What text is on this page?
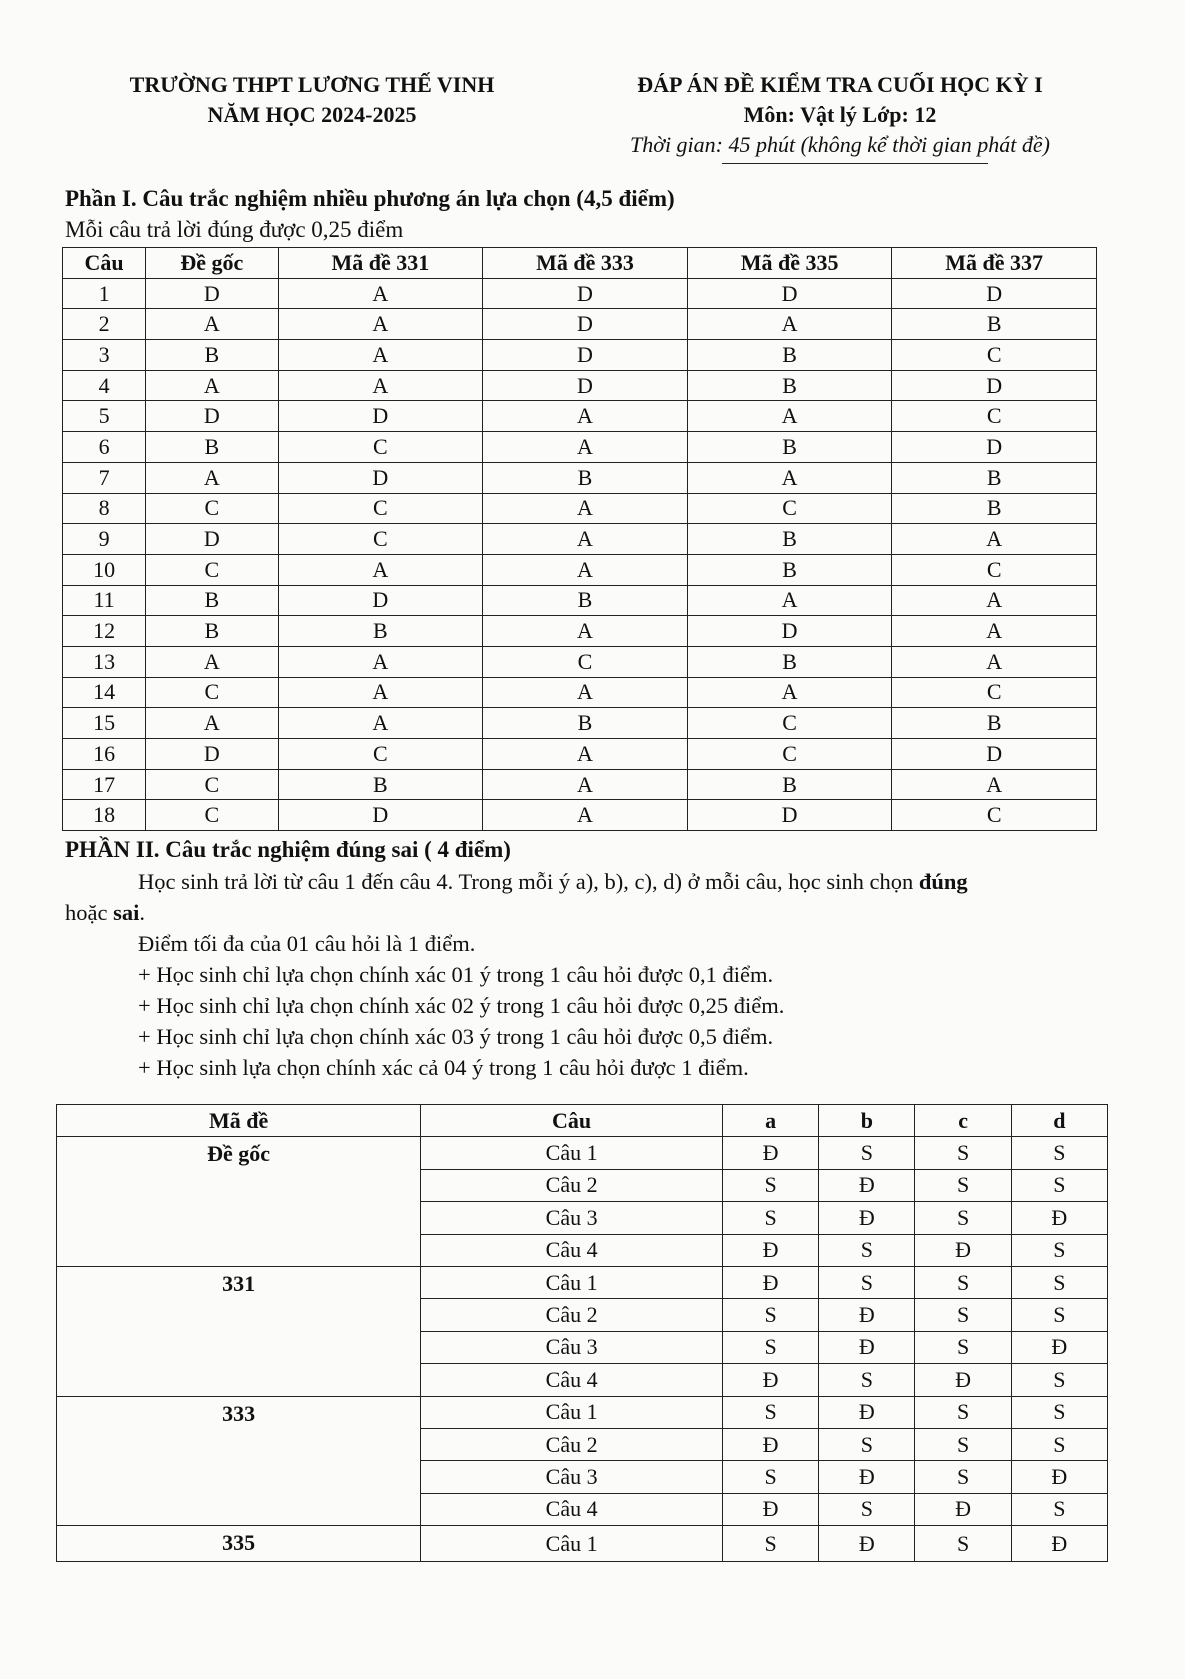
TRƯỜNG THPT LƯƠNG THẾ VINH
NĂM HỌC 2024-2025
ĐÁP ÁN ĐỀ KIỂM TRA CUỐI HỌC KỲ I
Môn: Vật lý Lớp: 12
Thời gian: 45 phút (không kể thời gian phát đề)
Phần I. Câu trắc nghiệm nhiều phương án lựa chọn (4,5 điểm)
Mỗi câu trả lời đúng được 0,25 điểm
Câu	Đề gốc	Mã đề 331	Mã đề 333	Mã đề 335	Mã đề 337
1	D	A	D	D	D
2	A	A	D	A	B
3	B	A	D	B	C
4	A	A	D	B	D
5	D	D	A	A	C
6	B	C	A	B	D
7	A	D	B	A	B
8	C	C	A	C	B
9	D	C	A	B	A
10	C	A	A	B	C
11	B	D	B	A	A
12	B	B	A	D	A
13	A	A	C	B	A
14	C	A	A	A	C
15	A	A	B	C	B
16	D	C	A	C	D
17	C	B	A	B	A
18	C	D	A	D	C
PHẦN II. Câu trắc nghiệm đúng sai ( 4 điểm)

Học sinh trả lời từ câu 1 đến câu 4. Trong mỗi ý a), b), c), d) ở mỗi câu, học sinh chọn đúng

hoặc sai.

Điểm tối đa của 01 câu hỏi là 1 điểm.

+ Học sinh chỉ lựa chọn chính xác 01 ý trong 1 câu hỏi được 0,1 điểm.

+ Học sinh chỉ lựa chọn chính xác 02 ý trong 1 câu hỏi được 0,25 điểm.

+ Học sinh chỉ lựa chọn chính xác 03 ý trong 1 câu hỏi được 0,5 điểm.

+ Học sinh lựa chọn chính xác cả 04 ý trong 1 câu hỏi được 1 điểm.

Mã đề	Câu	a	b	c	d
Đề gốc	Câu 1	Đ	S	S	S
	Câu 2	S	Đ	S	S
	Câu 3	S	Đ	S	Đ
	Câu 4	Đ	S	Đ	S
331	Câu 1	Đ	S	S	S
	Câu 2	S	Đ	S	S
	Câu 3	S	Đ	S	Đ
	Câu 4	Đ	S	Đ	S
333	Câu 1	S	Đ	S	S
	Câu 2	Đ	S	S	S
	Câu 3	S	Đ	S	Đ
	Câu 4	Đ	S	Đ	S
335	Câu 1	S	Đ	S	Đ
